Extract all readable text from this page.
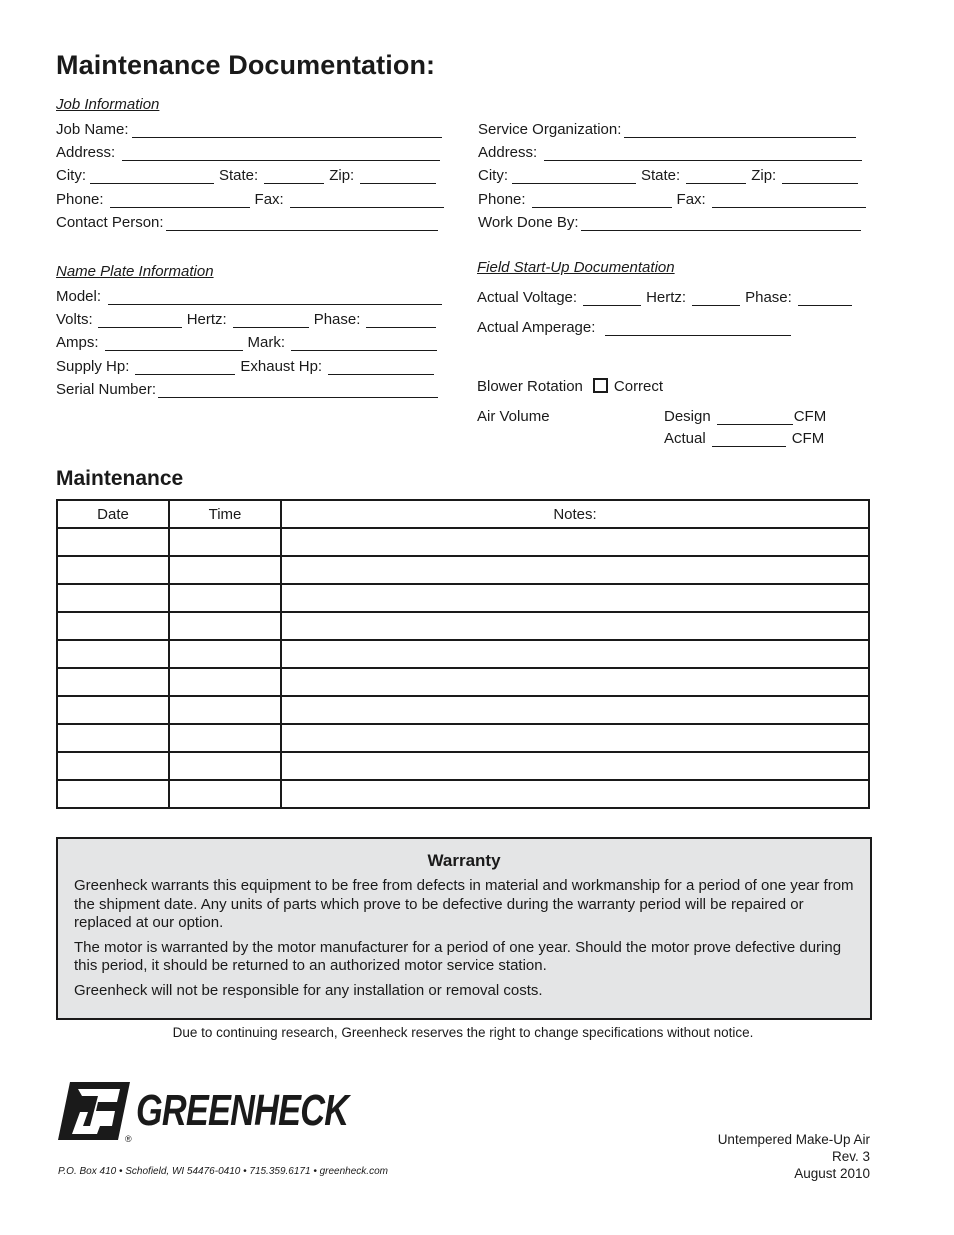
Maintenance Documentation:
Job Information
Job Name:
Address:
City:	State:	Zip:
Phone:	Fax:
Contact Person:
Service Organization:
Address:
City:	State:	Zip:
Phone:	Fax:
Work Done By:
Name Plate Information
Model:
Volts:	Hertz:	Phase:
Amps:	Mark:
Supply Hp:	Exhaust Hp:
Serial Number:
Field Start-Up Documentation
Actual Voltage:	Hertz:	Phase:
Actual Amperage:
Blower Rotation Correct
Air Volume	Design	CFM
Actual	CFM
Maintenance
Date	Time	Notes:

Warranty

Greenheck warrants this equipment to be free from defects in material and workmanship for a period of one year from the shipment date. Any units of parts which prove to be defective during the warranty period will be repaired or replaced at our option.

The motor is warranted by the motor manufacturer for a period of one year. Should the motor prove defective during this period, it should be returned to an authorized motor service station.

Greenheck will not be responsible for any installation or removal costs.

Due to continuing research, Greenheck reserves the right to change specifications without notice.
GREENHECK
®
P.O. Box 410 • Schofield, WI 54476-0410 • 715.359.6171 • greenheck.com
Untempered Make-Up Air
Rev. 3
August 2010
